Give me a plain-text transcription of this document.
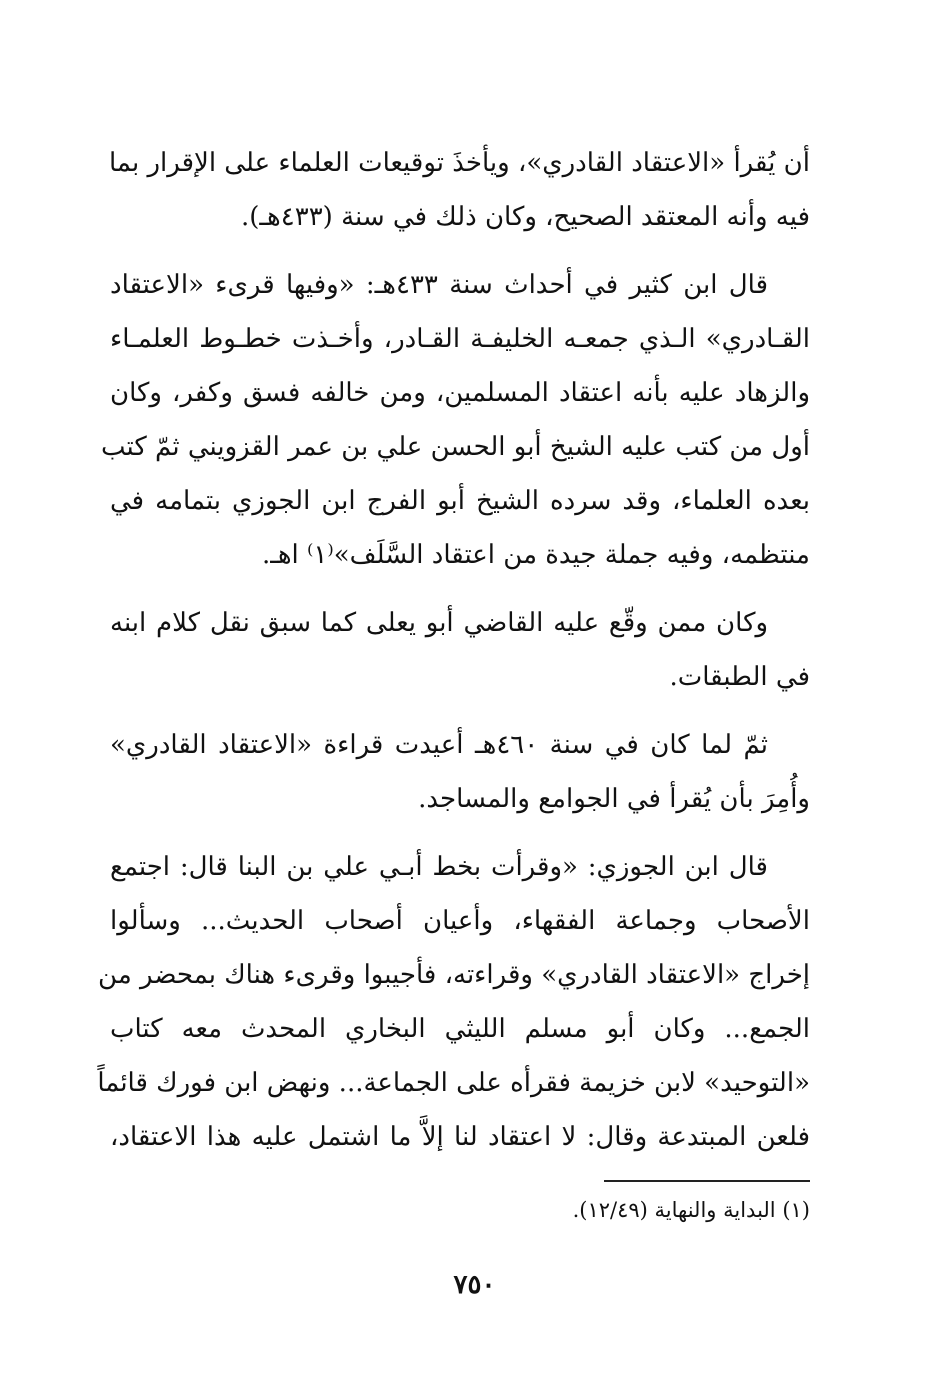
أن يُقرأ «الاعتقاد القادري»، ويأخذَ توقيعات العلماء على الإقرار بما
فيه وأنه المعتقد الصحيح، وكان ذلك في سنة (٤٣٣هـ).
قال ابن كثير في أحداث سنة ٤٣٣هـ: «وفيها قرىء «الاعتقاد
القـادري» الـذي جمعـه الخليفـة القـادر، وأخـذت خطـوط العلمـاء
والزهاد عليه بأنه اعتقاد المسلمين، ومن خالفه فسق وكفر، وكان
أول من كتب عليه الشيخ أبو الحسن علي بن عمر القزويني ثمّ كتب
بعده العلماء، وقد سرده الشيخ أبو الفرج ابن الجوزي بتمامه في
منتظمه، وفيه جملة جيدة من اعتقاد السَّلَف»⁽١⁾ اهـ.
وكان ممن وقّع عليه القاضي أبو يعلى كما سبق نقل كلام ابنه
في الطبقات.
ثمّ لما كان في سنة ٤٦٠هـ أعيدت قراءة «الاعتقاد القادري»
وأُمِرَ بأن يُقرأ في الجوامع والمساجد.
قال ابن الجوزي: «وقرأت بخط أبـي علي بن البنا قال: اجتمع
الأصحاب وجماعة الفقهاء، وأعيان أصحاب الحديث... وسألوا
إخراج «الاعتقاد القادري» وقراءته، فأجيبوا وقرىء هناك بمحضر من
الجمع... وكان أبو مسلم الليثي البخاري المحدث معه كتاب
«التوحيد» لابن خزيمة فقرأه على الجماعة... ونهض ابن فورك قائماً
فلعن المبتدعة وقال: لا اعتقاد لنا إلاَّ ما اشتمل عليه هذا الاعتقاد،
(١) البداية والنهاية (١٢/٤٩).
٧٥٠
